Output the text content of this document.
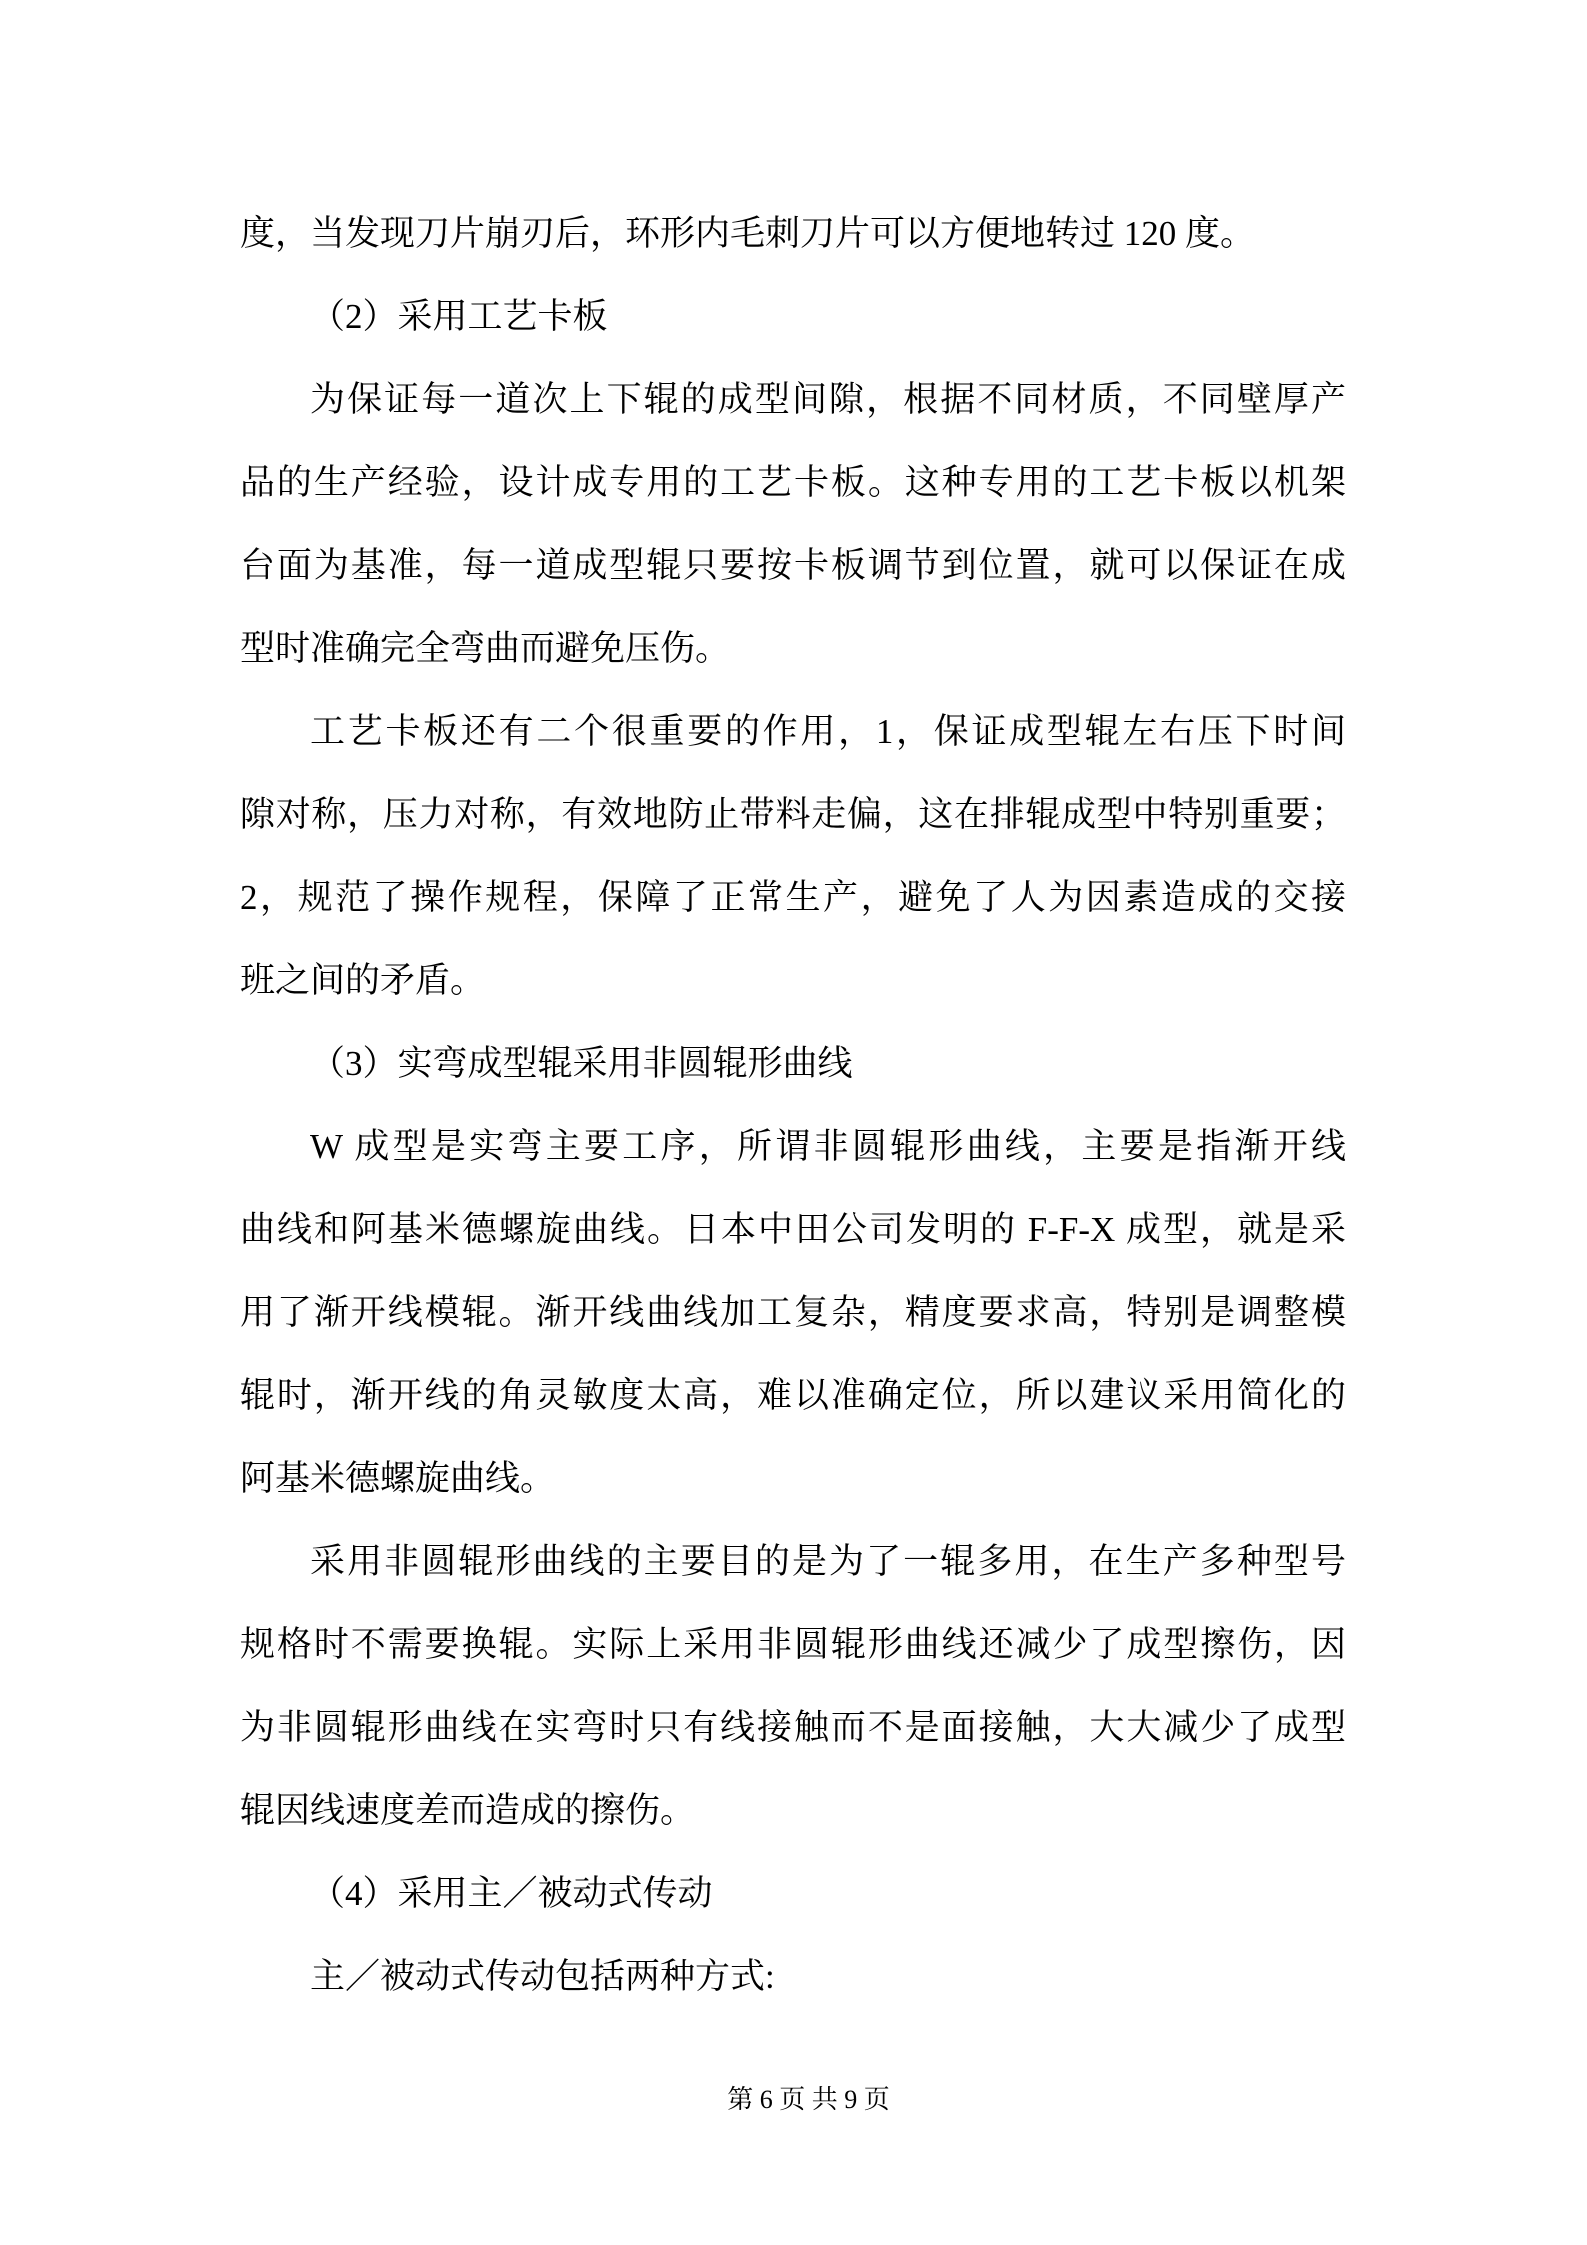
度，当发现刀片崩刃后，环形内毛刺刀片可以方便地转过 120 度。
（2）采用工艺卡板
为保证每一道次上下辊的成型间隙，根据不同材质，不同壁厚产
品的生产经验，设计成专用的工艺卡板。这种专用的工艺卡板以机架
台面为基准，每一道成型辊只要按卡板调节到位置，就可以保证在成
型时准确完全弯曲而避免压伤。
工艺卡板还有二个很重要的作用，1，保证成型辊左右压下时间
隙对称，压力对称，有效地防止带料走偏，这在排辊成型中特别重要；
2，规范了操作规程，保障了正常生产，避免了人为因素造成的交接
班之间的矛盾。
（3）实弯成型辊采用非圆辊形曲线
W 成型是实弯主要工序，所谓非圆辊形曲线，主要是指渐开线
曲线和阿基米德螺旋曲线。日本中田公司发明的 F-F-X 成型，就是采
用了渐开线模辊。渐开线曲线加工复杂，精度要求高，特别是调整模
辊时，渐开线的角灵敏度太高，难以准确定位，所以建议采用简化的
阿基米德螺旋曲线。
采用非圆辊形曲线的主要目的是为了一辊多用，在生产多种型号
规格时不需要换辊。实际上采用非圆辊形曲线还减少了成型擦伤，因
为非圆辊形曲线在实弯时只有线接触而不是面接触，大大减少了成型
辊因线速度差而造成的擦伤。
（4）采用主／被动式传动
主／被动式传动包括两种方式:
第 6 页 共 9 页
